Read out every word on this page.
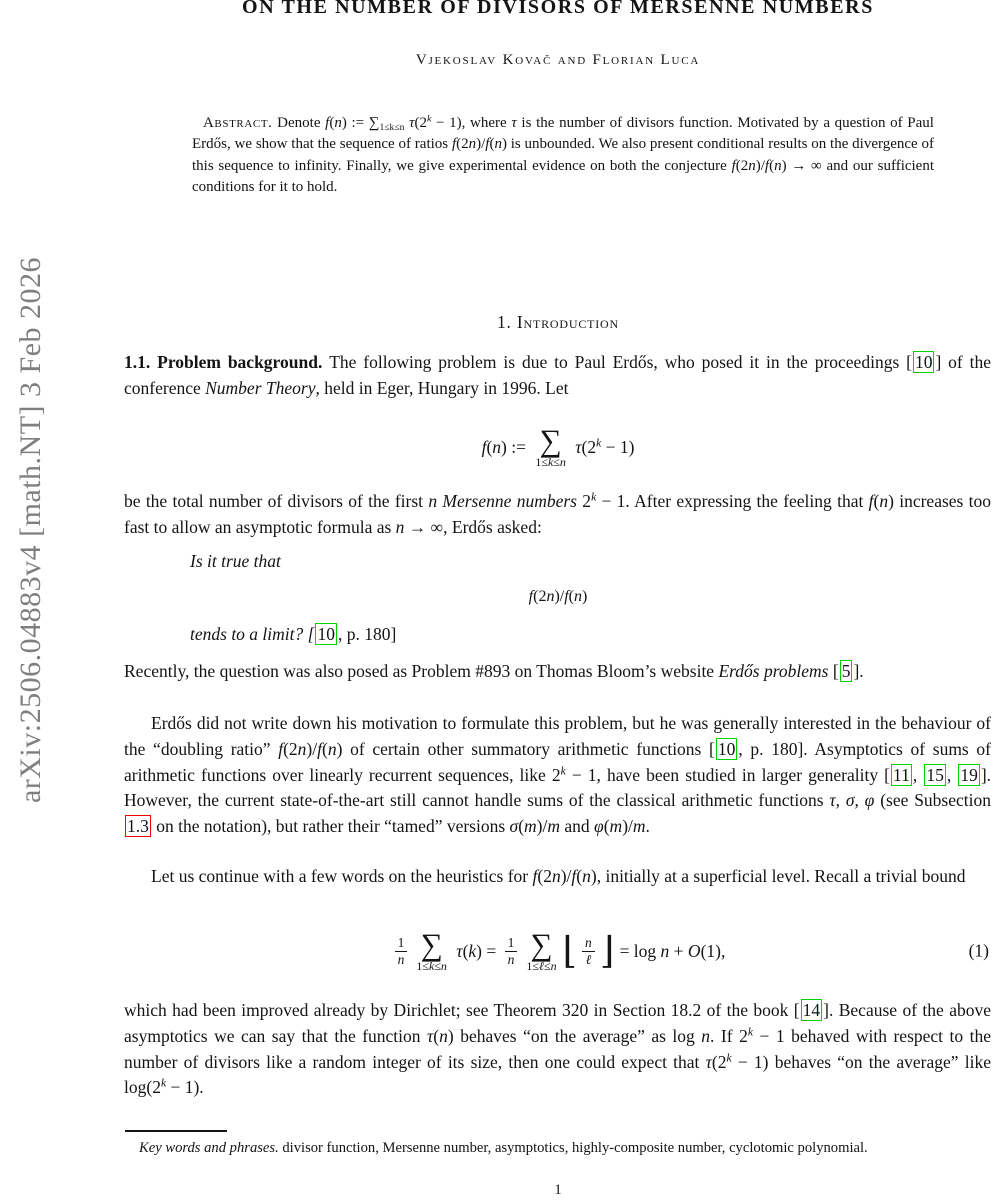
arXiv:2506.04883v4 [math.NT] 3 Feb 2026
ON THE NUMBER OF DIVISORS OF MERSENNE NUMBERS
Vjekoslav Kovač and Florian Luca

Abstract. Denote f(n) := ∑1≤k≤n $\tau(2^k - 1)$, where τ is the number of divisors function. Motivated by a question of Paul Erdős, we show that the sequence of ratios f(2n)/f(n) is unbounded. We also present conditional results on the divergence of this sequence to infinity. Finally, we give experimental evidence on both the conjecture f(2n)/f(n) → ∞ and our sufficient conditions for it to hold.

1. Introduction

1.1. Problem background. The following problem is due to Paul Erdős, who posed it in the proceedings [ 10 ] of the conference Number Theory, held in Eger, Hungary in 1996. Let

f(n) := ∑
1≤k≤n
$\tau(2^k - 1)$

be the total number of divisors of the first n Mersenne numbers $2^k - 1$. After expressing the feeling that f(n) increases too fast to allow an asymptotic formula as n → ∞, Erdős asked:

Is it true that

f(2n)/f(n)

tends to a limit? [ 10 , p. 180]

Recently, the question was also posed as Problem #893 on Thomas Bloom’s website Erdős problems [ 5 ].

Erdős did not write down his motivation to formulate this problem, but he was generally interested in the behaviour of the “doubling ratio” f(2n)/f(n) of certain other summatory arithmetic functions [ 10 , p. 180]. Asymptotics of sums of arithmetic functions over linearly recurrent sequences, like $2^k - 1$, have been studied in larger generality [ 11 , 15 , 19 ]. However, the current state-of-the-art still cannot handle sums of the classical arithmetic functions τ, σ, φ (see Subsection 1.3 on the notation), but rather their “tamed” versions σ(m)/m and φ(m)/m.

Let us continue with a few words on the heuristics for f(2n)/f(n), initially at a superficial level. Recall a trivial bound

$\frac{1}{n}$ ∑
1≤k≤n
$\tau(k) = \frac{1}{n}$ ∑
1≤ℓ≤n ⌊ $\frac{n}{\text{ℓ}}$ ⌋ = log n + O(1),	(1)

which had been improved already by Dirichlet; see Theorem 320 in Section 18.2 of the book [ 14 ]. Because of the above asymptotics we can say that the function τ(n) behaves “on the average” as log n. If $2^k - 1$ behaved with respect to the number of divisors like a random integer of its size, then one could expect that $\tau(2^k - 1)$ behaves “on the average” like $\log(2^k - 1)$.

Key words and phrases. divisor function, Mersenne number, asymptotics, highly-composite number, cyclotomic polynomial.

1
